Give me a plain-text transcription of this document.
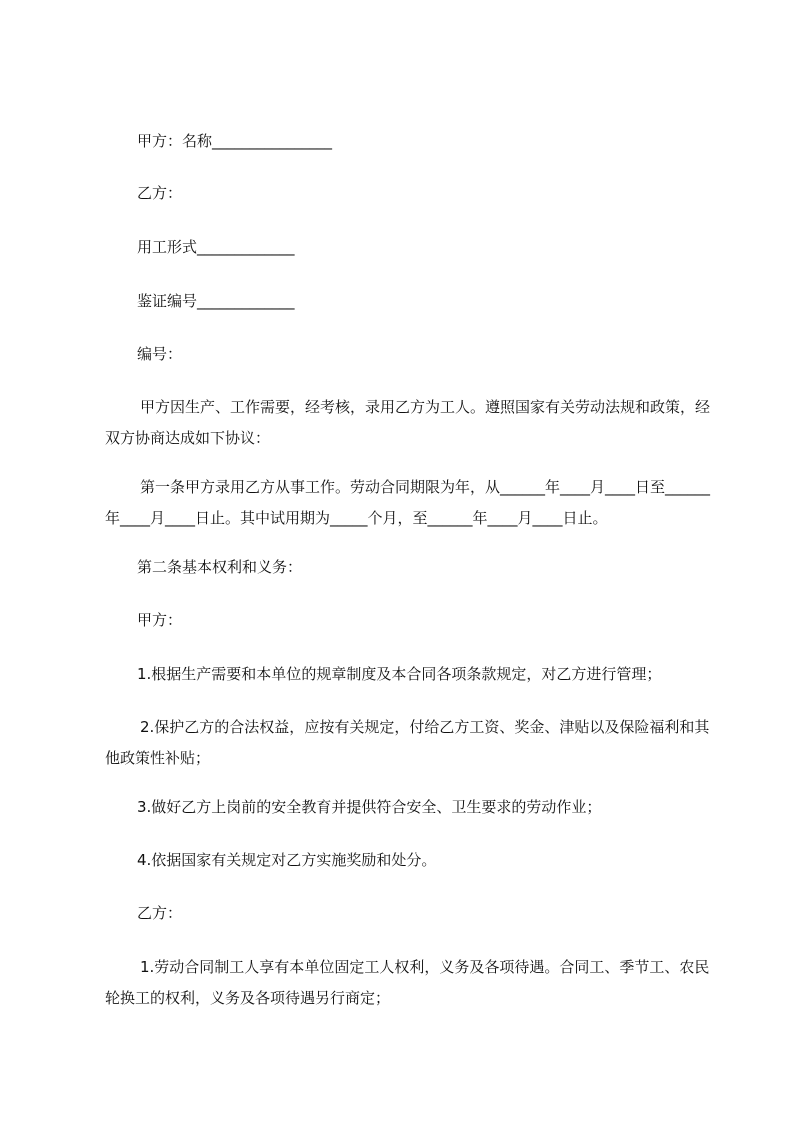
甲方：名称________________

乙方：

用工形式_____________

鉴证编号_____________

编号：

甲方因生产、工作需要，经考核，录用乙方为工人。遵照国家有关劳动法规和政策，经双方协商达成如下协议：

第一条甲方录用乙方从事工作。劳动合同期限为年，从______年____月____日至______年____月____日止。其中试用期为_____个月，至______年____月____日止。

第二条基本权利和义务：

甲方：

1.根据生产需要和本单位的规章制度及本合同各项条款规定，对乙方进行管理；

2.保护乙方的合法权益，应按有关规定，付给乙方工资、奖金、津贴以及保险福利和其他政策性补贴；

3.做好乙方上岗前的安全教育并提供符合安全、卫生要求的劳动作业；

4.依据国家有关规定对乙方实施奖励和处分。

乙方：

1.劳动合同制工人享有本单位固定工人权利，义务及各项待遇。合同工、季节工、农民轮换工的权利，义务及各项待遇另行商定；
